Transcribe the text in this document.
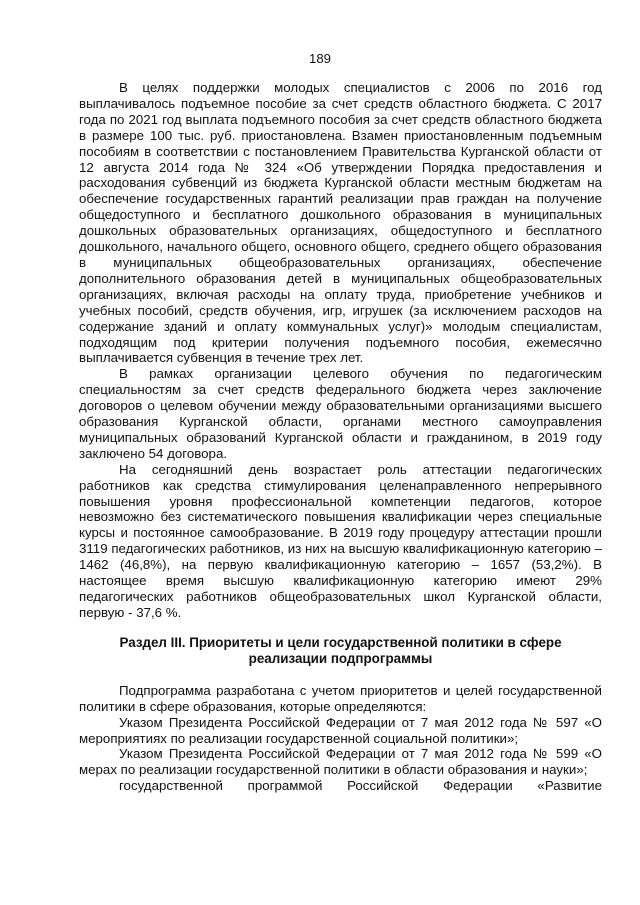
189

В целях поддержки молодых специалистов с 2006 по 2016 год выплачивалось подъемное пособие за счет средств областного бюджета. С 2017 года по 2021 год выплата подъемного пособия за счет средств областного бюджета в размере 100 тыс. руб. приостановлена. Взамен приостановленным подъемным пособиям в соответствии с постановлением Правительства Курганской области от 12 августа 2014 года № 324 «Об утверждении Порядка предоставления и расходования субвенций из бюджета Курганской области местным бюджетам на обеспечение государственных гарантий реализации прав граждан на получение общедоступного и бесплатного дошкольного образования в муниципальных дошкольных образовательных организациях, общедоступного и бесплатного дошкольного, начального общего, основного общего, среднего общего образования в муниципальных общеобразовательных организациях, обеспечение дополнительного образования детей в муниципальных общеобразовательных организациях, включая расходы на оплату труда, приобретение учебников и учебных пособий, средств обучения, игр, игрушек (за исключением расходов на содержание зданий и оплату коммунальных услуг)» молодым специалистам, подходящим под критерии получения подъемного пособия, ежемесячно выплачивается субвенция в течение трех лет.

В рамках организации целевого обучения по педагогическим специальностям за счет средств федерального бюджета через заключение договоров о целевом обучении между образовательными организациями высшего образования Курганской области, органами местного самоуправления муниципальных образований Курганской области и гражданином, в 2019 году заключено 54 договора.

На сегодняшний день возрастает роль аттестации педагогических работников как средства стимулирования целенаправленного непрерывного повышения уровня профессиональной компетенции педагогов, которое невозможно без систематического повышения квалификации через специальные курсы и постоянное самообразование. В 2019 году процедуру аттестации прошли 3119 педагогических работников, из них на высшую квалификационную категорию – 1462 (46,8%), на первую квалификационную категорию – 1657 (53,2%). В настоящее время высшую квалификационную категорию имеют 29% педагогических работников общеобразовательных школ Курганской области, первую - 37,6 %.

Раздел III. Приоритеты и цели государственной политики в сфере реализации подпрограммы

Подпрограмма разработана с учетом приоритетов и целей государственной политики в сфере образования, которые определяются:

Указом Президента Российской Федерации от 7 мая 2012 года № 597 «О мероприятиях по реализации государственной социальной политики»;

Указом Президента Российской Федерации от 7 мая 2012 года № 599 «О мерах по реализации государственной политики в области образования и науки»;

государственной программой Российской Федерации «Развитие
